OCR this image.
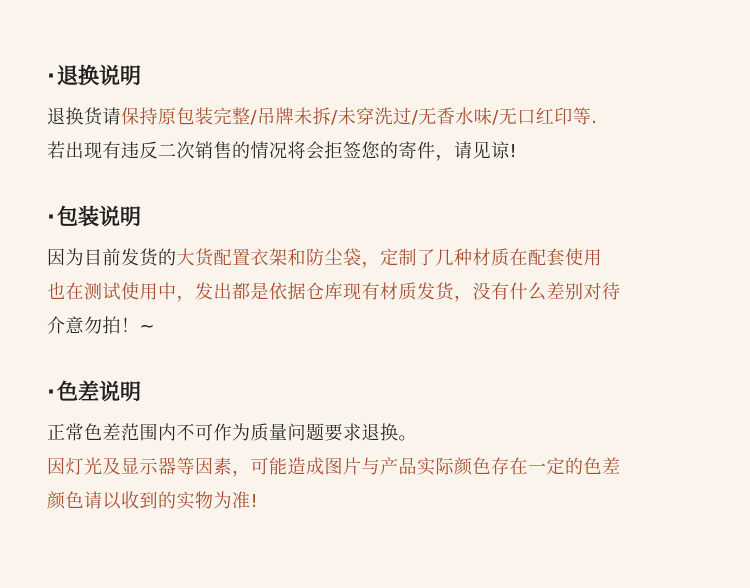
·退换说明
退换货请保持原包装完整/吊牌未拆/未穿洗过/无香水味/无口红印等.
若出现有违反二次销售的情况将会拒签您的寄件，请见谅!
·包装说明
因为目前发货的大货配置衣架和防尘袋，定制了几种材质在配套使用
也在测试使用中，发出都是依据仓库现有材质发货，没有什么差别对待
介意勿拍！~
·色差说明
正常色差范围内不可作为质量问题要求退换。
因灯光及显示器等因素，可能造成图片与产品实际颜色存在一定的色差
颜色请以收到的实物为准!
